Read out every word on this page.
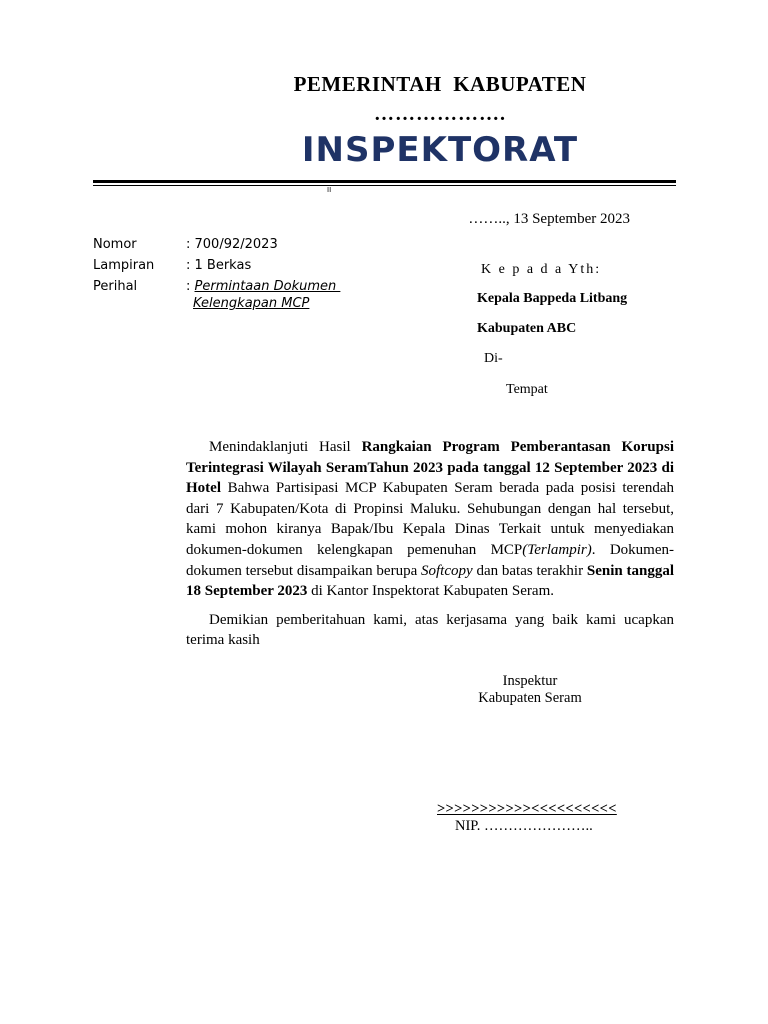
PEMERINTAH  KABUPATEN
……………….
INSPEKTORAT
II
…….., 13 September 2023
Nomor	: 700/92/2023
Lampiran : 1 Berkas
Perihal	: Permintaan Dokumen
Kelengkapan MCP
K e p a d a Yth:
Kepala Bappeda Litbang
Kabupaten ABC
Di-
Tempat

Menindaklanjuti Hasil Rangkaian Program Pemberantasan Korupsi Terintegrasi Wilayah SeramTahun 2023 pada tanggal 12 September 2023 di Hotel Bahwa Partisipasi MCP Kabupaten Seram berada pada posisi terendah dari 7 Kabupaten/Kota di Propinsi Maluku. Sehubungan dengan hal tersebut, kami mohon kiranya Bapak/Ibu Kepala Dinas Terkait untuk menyediakan dokumen-dokumen kelengkapan pemenuhan MCP(Terlampir). Dokumen-dokumen tersebut disampaikan berupa Softcopy dan batas terakhir Senin tanggal 18 September 2023 di Kantor Inspektorat Kabupaten Seram.

Demikian pemberitahuan kami, atas kerjasama yang baik kami ucapkan terima kasih

Inspektur
Kabupaten Seram
>>>>>>>>>>><<<<<<<<<<
NIP. …………………..
